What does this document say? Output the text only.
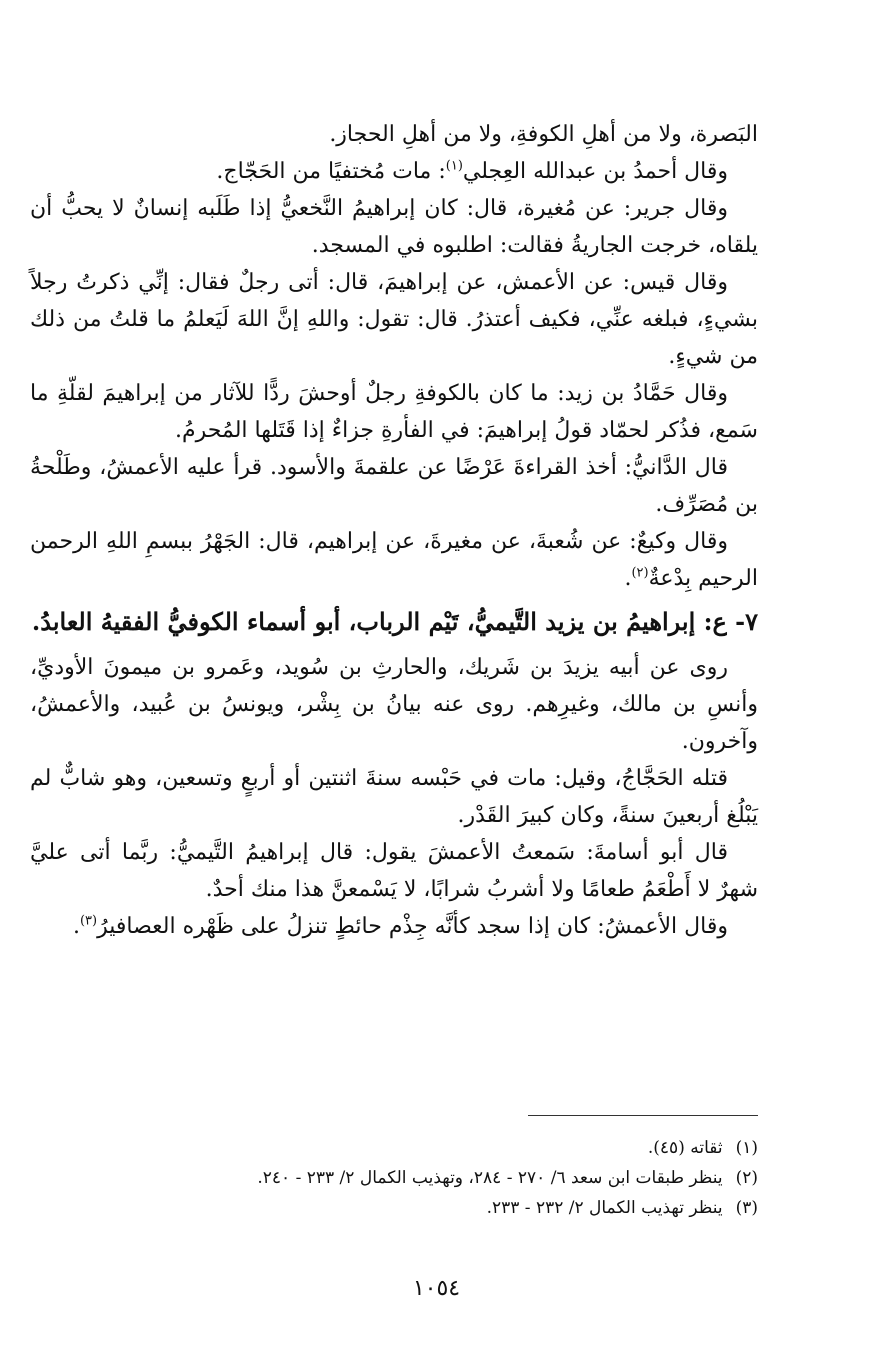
البَصرة، ولا من أهلِ الكوفةِ، ولا من أهلِ الحجاز.

وقال أحمدُ بن عبدالله العِجلي$^{(١)}$: مات مُختفيًا من الحَجّاج.

وقال جرير: عن مُغيرة، قال: كان إبراهيمُ النَّخعيُّ إذا طَلَبه إنسانٌ لا يحبُّ أن يلقاه، خرجت الجاريةُ فقالت: اطلبوه في المسجد.

وقال قيس: عن الأعمش، عن إبراهيمَ، قال: أتى رجلٌ فقال: إنِّي ذكرتُ رجلاً بشيءٍ، فبلغه عنِّي، فكيف أعتذرُ. قال: تقول: واللهِ إنَّ اللهَ لَيَعلمُ ما قلتُ من ذلك من شيءٍ.

وقال حَمَّادُ بن زيد: ما كان بالكوفةِ رجلٌ أوحشَ ردًّا للآثار من إبراهيمَ لقلّةِ ما سَمع، فذُكر لحمّاد قولُ إبراهيمَ: في الفأرةِ جزاءٌ إذا قَتَلها المُحرمُ.

قال الدَّانيُّ: أخذ القراءةَ عَرْضًا عن علقمةَ والأسود. قرأ عليه الأعمشُ، وطَلْحةُ بن مُصَرِّف.

وقال وكيعٌ: عن شُعبةَ، عن مغيرةَ، عن إبراهيم، قال: الجَهْرُ ببسمِ اللهِ الرحمن الرحيم بِدْعةٌ$^{(٢)}$.

٧- ع: إبراهيمُ بن يزيد التَّيميُّ، تَيْم الرباب، أبو أسماء الكوفيُّ الفقيهُ العابدُ.

روى عن أبيه يزيدَ بن شَريك، والحارثِ بن سُويد، وعَمرو بن ميمونَ الأوديِّ، وأنسِ بن مالك، وغيرِهم. روى عنه بيانُ بن بِشْر، ويونسُ بن عُبيد، والأعمشُ، وآخرون.

قتله الحَجَّاجُ، وقيل: مات في حَبْسه سنةَ اثنتين أو أربعٍ وتسعين، وهو شابٌّ لم يَبْلُغ أربعينَ سنةً، وكان كبيرَ القَدْر.

قال أبو أسامةَ: سَمعتُ الأعمشَ يقول: قال إبراهيمُ التَّيميُّ: ربَّما أتى عليَّ شهرٌ لا أَطْعَمُ طعامًا ولا أشربُ شرابًا، لا يَسْمعنَّ هذا منك أحدٌ.

وقال الأعمشُ: كان إذا سجد كأنَّه جِذْم حائطٍ تنزلُ على ظَهْره العصافيرُ$^{(٣)}$.

(١) ثقاته (٤٥).
(٢) ينظر طبقات ابن سعد ٦/ ٢٧٠ - ٢٨٤، وتهذيب الكمال ٢/ ٢٣٣ - ٢٤٠.
(٣) ينظر تهذيب الكمال ٢/ ٢٣٢ - ٢٣٣.
١٠٥٤
